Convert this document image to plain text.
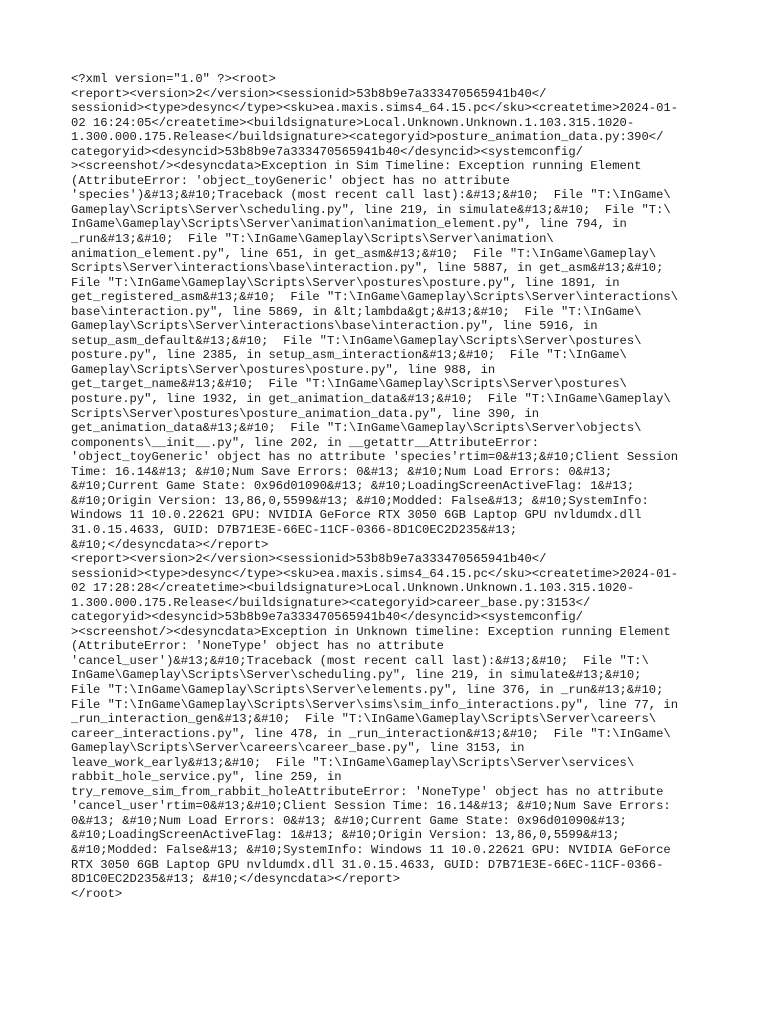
<?xml version="1.0" ?><root>
<report><version>2</version><sessionid>53b8b9e7a333470565941b40</
sessionid><type>desync</type><sku>ea.maxis.sims4_64.15.pc</sku><createtime>2024-01-
02 16:24:05</createtime><buildsignature>Local.Unknown.Unknown.1.103.315.1020-
1.300.000.175.Release</buildsignature><categoryid>posture_animation_data.py:390</
categoryid><desyncid>53b8b9e7a333470565941b40</desyncid><systemconfig/
><screenshot/><desyncdata>Exception in Sim Timeline: Exception running Element
(AttributeError: 'object_toyGeneric' object has no attribute
'species')&#13;&#10;Traceback (most recent call last):&#13;&#10;  File "T:\InGame\
Gameplay\Scripts\Server\scheduling.py", line 219, in simulate&#13;&#10;  File "T:\
InGame\Gameplay\Scripts\Server\animation\animation_element.py", line 794, in
_run&#13;&#10;  File "T:\InGame\Gameplay\Scripts\Server\animation\
animation_element.py", line 651, in get_asm&#13;&#10;  File "T:\InGame\Gameplay\
Scripts\Server\interactions\base\interaction.py", line 5887, in get_asm&#13;&#10;
File "T:\InGame\Gameplay\Scripts\Server\postures\posture.py", line 1891, in
get_registered_asm&#13;&#10;  File "T:\InGame\Gameplay\Scripts\Server\interactions\
base\interaction.py", line 5869, in &lt;lambda&gt;&#13;&#10;  File "T:\InGame\
Gameplay\Scripts\Server\interactions\base\interaction.py", line 5916, in
setup_asm_default&#13;&#10;  File "T:\InGame\Gameplay\Scripts\Server\postures\
posture.py", line 2385, in setup_asm_interaction&#13;&#10;  File "T:\InGame\
Gameplay\Scripts\Server\postures\posture.py", line 988, in
get_target_name&#13;&#10;  File "T:\InGame\Gameplay\Scripts\Server\postures\
posture.py", line 1932, in get_animation_data&#13;&#10;  File "T:\InGame\Gameplay\
Scripts\Server\postures\posture_animation_data.py", line 390, in
get_animation_data&#13;&#10;  File "T:\InGame\Gameplay\Scripts\Server\objects\
components\__init__.py", line 202, in __getattr__AttributeError:
'object_toyGeneric' object has no attribute 'species'rtim=0&#13;&#10;Client Session
Time: 16.14&#13; &#10;Num Save Errors: 0&#13; &#10;Num Load Errors: 0&#13;
&#10;Current Game State: 0x96d01090&#13; &#10;LoadingScreenActiveFlag: 1&#13;
&#10;Origin Version: 13,86,0,5599&#13; &#10;Modded: False&#13; &#10;SystemInfo:
Windows 11 10.0.22621 GPU: NVIDIA GeForce RTX 3050 6GB Laptop GPU nvldumdx.dll
31.0.15.4633, GUID: D7B71E3E-66EC-11CF-0366-8D1C0EC2D235&#13;
&#10;</desyncdata></report>
<report><version>2</version><sessionid>53b8b9e7a333470565941b40</
sessionid><type>desync</type><sku>ea.maxis.sims4_64.15.pc</sku><createtime>2024-01-
02 17:28:28</createtime><buildsignature>Local.Unknown.Unknown.1.103.315.1020-
1.300.000.175.Release</buildsignature><categoryid>career_base.py:3153</
categoryid><desyncid>53b8b9e7a333470565941b40</desyncid><systemconfig/
><screenshot/><desyncdata>Exception in Unknown timeline: Exception running Element
(AttributeError: 'NoneType' object has no attribute
'cancel_user')&#13;&#10;Traceback (most recent call last):&#13;&#10;  File "T:\
InGame\Gameplay\Scripts\Server\scheduling.py", line 219, in simulate&#13;&#10;
File "T:\InGame\Gameplay\Scripts\Server\elements.py", line 376, in _run&#13;&#10;
File "T:\InGame\Gameplay\Scripts\Server\sims\sim_info_interactions.py", line 77, in
_run_interaction_gen&#13;&#10;  File "T:\InGame\Gameplay\Scripts\Server\careers\
career_interactions.py", line 478, in _run_interaction&#13;&#10;  File "T:\InGame\
Gameplay\Scripts\Server\careers\career_base.py", line 3153, in
leave_work_early&#13;&#10;  File "T:\InGame\Gameplay\Scripts\Server\services\
rabbit_hole_service.py", line 259, in
try_remove_sim_from_rabbit_holeAttributeError: 'NoneType' object has no attribute
'cancel_user'rtim=0&#13;&#10;Client Session Time: 16.14&#13; &#10;Num Save Errors:
0&#13; &#10;Num Load Errors: 0&#13; &#10;Current Game State: 0x96d01090&#13;
&#10;LoadingScreenActiveFlag: 1&#13; &#10;Origin Version: 13,86,0,5599&#13;
&#10;Modded: False&#13; &#10;SystemInfo: Windows 11 10.0.22621 GPU: NVIDIA GeForce
RTX 3050 6GB Laptop GPU nvldumdx.dll 31.0.15.4633, GUID: D7B71E3E-66EC-11CF-0366-
8D1C0EC2D235&#13; &#10;</desyncdata></report>
</root>
